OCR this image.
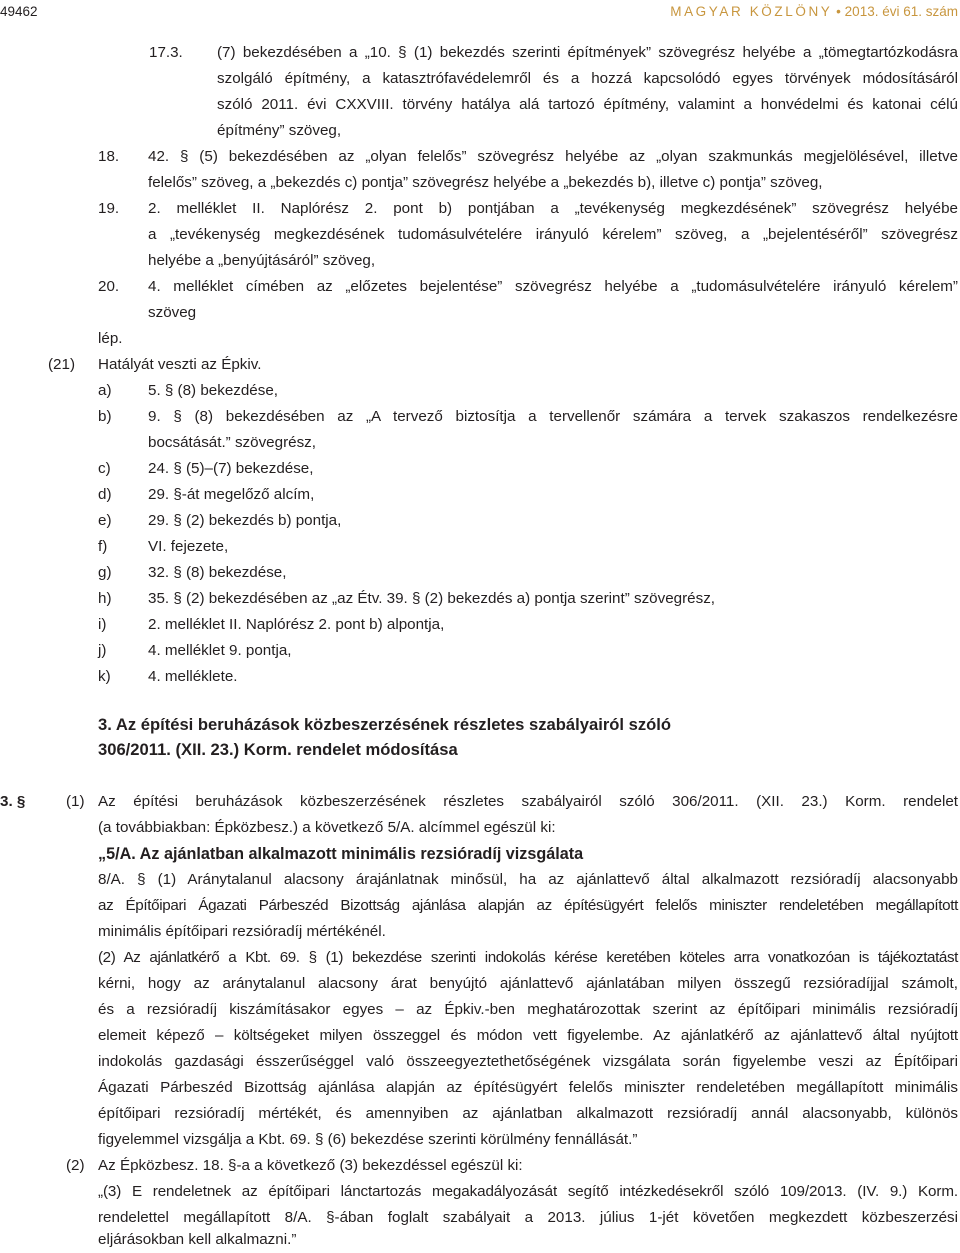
49462	MAGYAR KÖZLÖNY • 2013. évi 61. szám
17.3. (7) bekezdésében a „10. § (1) bekezdés szerinti építmények” szövegrész helyébe a „tömegtartózkodásra
szolgáló építmény, a katasztrófavédelemről és a hozzá kapcsolódó egyes törvények módosításáról
szóló 2011. évi CXXVIII. törvény hatálya alá tartozó építmény, valamint a honvédelmi és katonai célú
építmény” szöveg,
18. 42. § (5) bekezdésében az „olyan felelős” szövegrész helyébe az „olyan szakmunkás megjelölésével, illetve
felelős” szöveg, a „bekezdés c) pontja” szövegrész helyébe a „bekezdés b), illetve c) pontja” szöveg,
19. 2. melléklet II. Naplórész 2. pont b) pontjában a „tevékenység megkezdésének” szövegrész helyébe
a „tevékenység megkezdésének tudomásulvételére irányuló kérelem” szöveg, a „bejelentéséről” szövegrész
helyébe a „benyújtásáról” szöveg,
20. 4. melléklet címében az „előzetes bejelentése” szövegrész helyébe a „tudomásulvételére irányuló kérelem”
szöveg
lép.
(21) Hatályát veszti az Épkiv.
a) 5. § (8) bekezdése,
b) 9. § (8) bekezdésében az „A tervező biztosítja a tervellenőr számára a tervek szakaszos rendelkezésre
bocsátását.” szövegrész,
c) 24. § (5)–(7) bekezdése,
d) 29. §-át megelőző alcím,
e) 29. § (2) bekezdés b) pontja,
f)	VI. fejezete,
g) 32. § (8) bekezdése,
h) 35. § (2) bekezdésében az „az Étv. 39. § (2) bekezdés a) pontja szerint” szövegrész,
i)	2. melléklet II. Naplórész 2. pont b) alpontja,
j)	4. melléklet 9. pontja,
k) 4. melléklete.
3. Az építési beruházások közbeszerzésének részletes szabályairól szóló
306/2011. (XII. 23.) Korm. rendelet módosítása
3. §	(1) Az építési beruházások közbeszerzésének részletes szabályairól szóló 306/2011. (XII. 23.) Korm. rendelet
(a továbbiakban: Épközbesz.) a következő 5/A. alcímmel egészül ki:
„5/A. Az ajánlatban alkalmazott minimális rezsióradíj vizsgálata
8/A. § (1) Aránytalanul alacsony árajánlatnak minősül, ha az ajánlattevő által alkalmazott rezsióradíj alacsonyabb
az Építőipari Ágazati Párbeszéd Bizottság ajánlása alapján az építésügyért felelős miniszter rendeletében megállapított
minimális építőipari rezsióradíj mértékénél.
(2) Az ajánlatkérő a Kbt. 69. § (1) bekezdése szerinti indokolás kérése keretében köteles arra vonatkozóan is tájékoztatást
kérni, hogy az aránytalanul alacsony árat benyújtó ajánlattevő ajánlatában milyen összegű rezsióradíjjal számolt,
és a rezsióradíj kiszámításakor egyes – az Épkiv.-ben meghatározottak szerint az építőipari minimális rezsióradíj
elemeit képező – költségeket milyen összeggel és módon vett figyelembe. Az ajánlatkérő az ajánlattevő által nyújtott
indokolás gazdasági ésszerűséggel való összeegyeztethetőségének vizsgálata során figyelembe veszi az Építőipari
Ágazati Párbeszéd Bizottság ajánlása alapján az építésügyért felelős miniszter rendeletében megállapított minimális
építőipari rezsióradíj mértékét, és amennyiben az ajánlatban alkalmazott rezsióradíj annál alacsonyabb, különös
figyelemmel vizsgálja a Kbt. 69. § (6) bekezdése szerinti körülmény fennállását.”
(2) Az Épközbesz. 18. §-a a következő (3) bekezdéssel egészül ki:
„(3) E rendeletnek az építőipari lánctartozás megakadályozását segítő intézkedésekről szóló 109/2013. (IV. 9.) Korm.
rendelettel megállapított 8/A. §-ában foglalt szabályait a 2013. július 1-jét követően megkezdett közbeszerzési
eljárásokban kell alkalmazni.”
